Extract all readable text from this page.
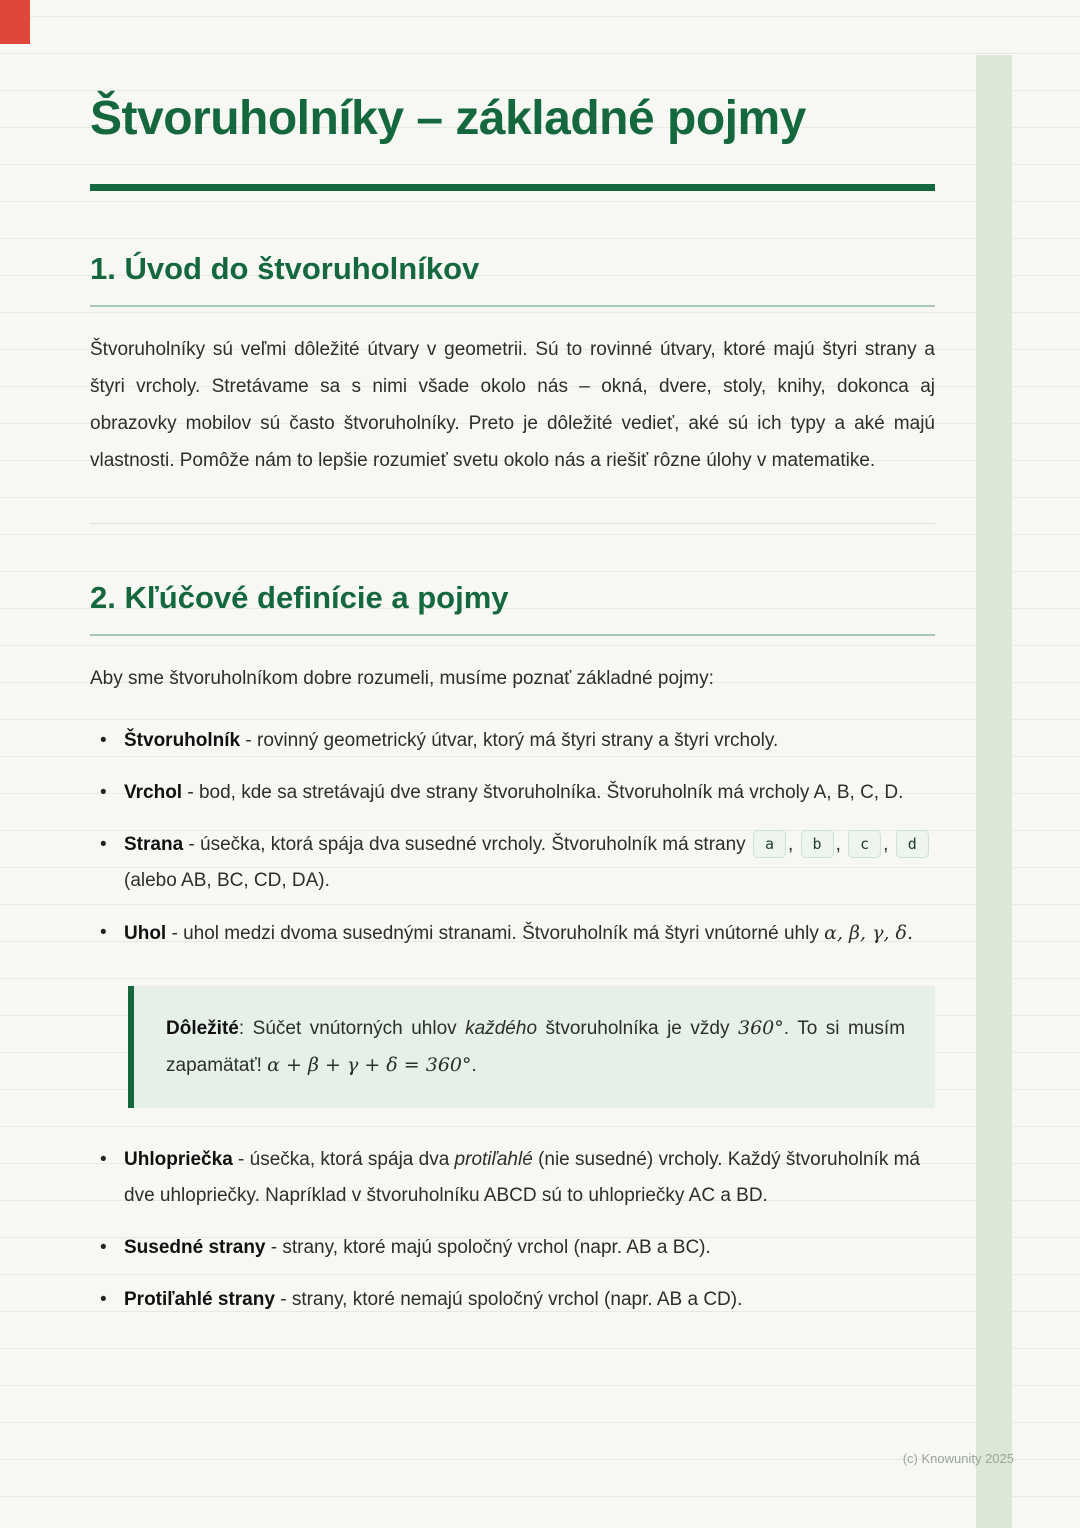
Štvoruholníky – základné pojmy
1. Úvod do štvoruholníkov

Štvoruholníky sú veľmi dôležité útvary v geometrii. Sú to rovinné útvary, ktoré majú štyri strany a štyri vrcholy. Stretávame sa s nimi všade okolo nás – okná, dvere, stoly, knihy, dokonca aj obrazovky mobilov sú často štvoruholníky. Preto je dôležité vedieť, aké sú ich typy a aké majú vlastnosti. Pomôže nám to lepšie rozumieť svetu okolo nás a riešiť rôzne úlohy v matematike.

2. Kľúčové definície a pojmy

Aby sme štvoruholníkom dobre rozumeli, musíme poznať základné pojmy:

• Štvoruholník - rovinný geometrický útvar, ktorý má štyri strany a štyri vrcholy.
• Vrchol - bod, kde sa stretávajú dve strany štvoruholníka. Štvoruholník má vrcholy A, B, C, D.
• Strana - úsečka, ktorá spája dva susedné vrcholy. Štvoruholník má strany a , b , c , d (alebo AB, BC, CD, DA).
• Uhol - uhol medzi dvoma susednými stranami. Štvoruholník má štyri vnútorné uhly α, β, γ, δ.
Dôležité: Súčet vnútorných uhlov každého štvoruholníka je vždy 360°. To si musím zapamätať! α + β + γ + δ = 360°.
• Uhlopriečka - úsečka, ktorá spája dva protiľahlé (nie susedné) vrcholy. Každý štvoruholník má dve uhlopriečky. Napríklad v štvoruholníku ABCD sú to uhlopriečky AC a BD.
• Susedné strany - strany, ktoré majú spoločný vrchol (napr. AB a BC).
• Protiľahlé strany - strany, ktoré nemajú spoločný vrchol (napr. AB a CD).
(c) Knowunity 2025
